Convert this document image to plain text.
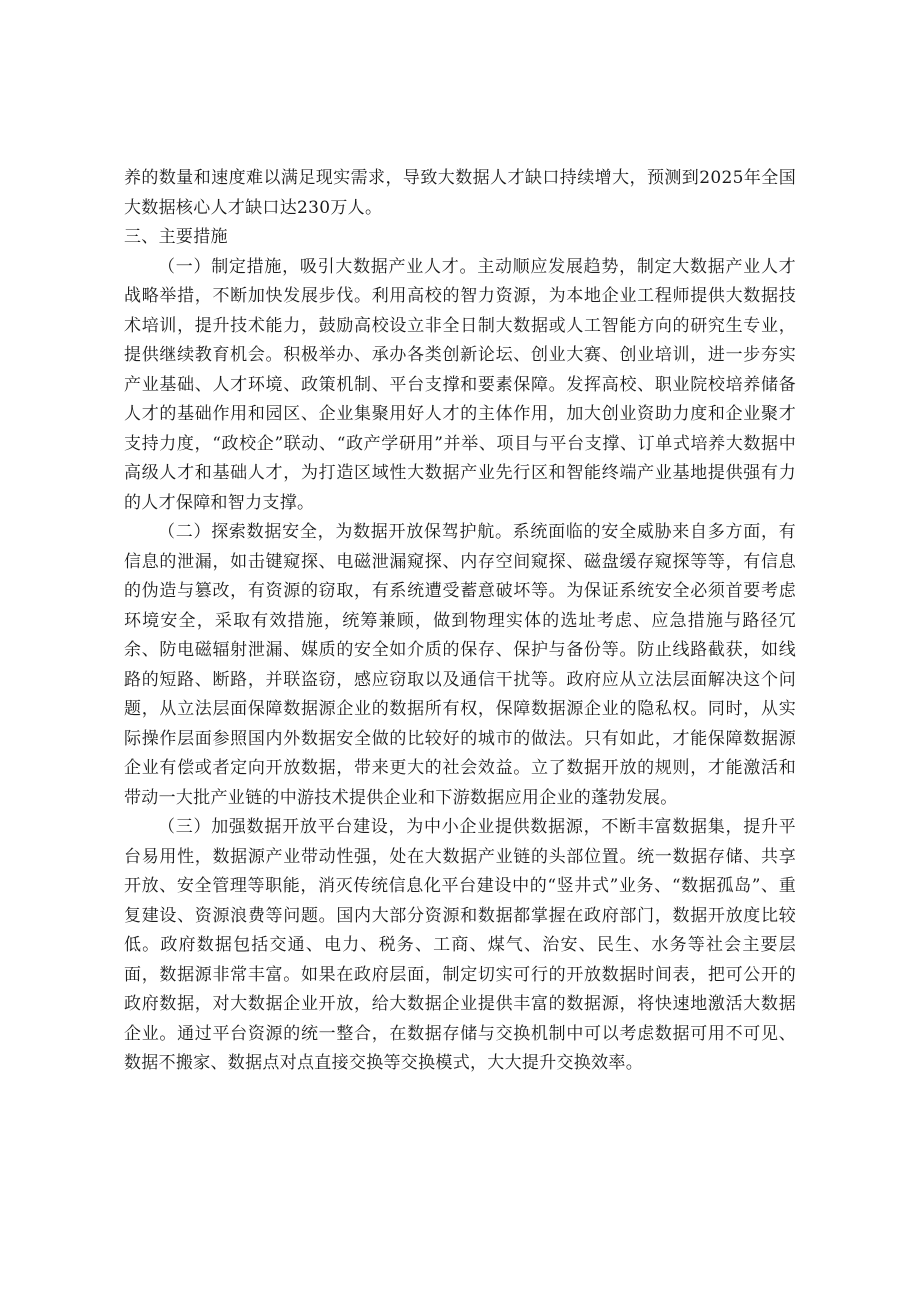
养的数量和速度难以满足现实需求，导致大数据人才缺口持续增大，预测到2025年全国大数据核心人才缺口达230万人。

三、主要措施

（一）制定措施，吸引大数据产业人才。主动顺应发展趋势，制定大数据产业人才战略举措，不断加快发展步伐。利用高校的智力资源，为本地企业工程师提供大数据技术培训，提升技术能力，鼓励高校设立非全日制大数据或人工智能方向的研究生专业，提供继续教育机会。积极举办、承办各类创新论坛、创业大赛、创业培训，进一步夯实产业基础、人才环境、政策机制、平台支撑和要素保障。发挥高校、职业院校培养储备人才的基础作用和园区、企业集聚用好人才的主体作用，加大创业资助力度和企业聚才支持力度，“政校企”联动、“政产学研用”并举、项目与平台支撑、订单式培养大数据中高级人才和基础人才，为打造区域性大数据产业先行区和智能终端产业基地提供强有力的人才保障和智力支撑。

（二）探索数据安全，为数据开放保驾护航。系统面临的安全威胁来自多方面，有信息的泄漏，如击键窥探、电磁泄漏窥探、内存空间窥探、磁盘缓存窥探等等，有信息的伪造与篡改，有资源的窃取，有系统遭受蓄意破坏等。为保证系统安全必须首要考虑环境安全，采取有效措施，统筹兼顾，做到物理实体的选址考虑、应急措施与路径冗余、防电磁辐射泄漏、媒质的安全如介质的保存、保护与备份等。防止线路截获，如线路的短路、断路，并联盗窃，感应窃取以及通信干扰等。政府应从立法层面解决这个问题，从立法层面保障数据源企业的数据所有权，保障数据源企业的隐私权。同时，从实际操作层面参照国内外数据安全做的比较好的城市的做法。只有如此，才能保障数据源企业有偿或者定向开放数据，带来更大的社会效益。立了数据开放的规则，才能激活和带动一大批产业链的中游技术提供企业和下游数据应用企业的蓬勃发展。

（三）加强数据开放平台建设，为中小企业提供数据源，不断丰富数据集，提升平台易用性，数据源产业带动性强，处在大数据产业链的头部位置。统一数据存储、共享开放、安全管理等职能，消灭传统信息化平台建设中的“竖井式”业务、“数据孤岛”、重复建设、资源浪费等问题。国内大部分资源和数据都掌握在政府部门，数据开放度比较低。政府数据包括交通、电力、税务、工商、煤气、治安、民生、水务等社会主要层面，数据源非常丰富。如果在政府层面，制定切实可行的开放数据时间表，把可公开的政府数据，对大数据企业开放，给大数据企业提供丰富的数据源，将快速地激活大数据企业。通过平台资源的统一整合，在数据存储与交换机制中可以考虑数据可用不可见、数据不搬家、数据点对点直接交换等交换模式，大大提升交换效率。
